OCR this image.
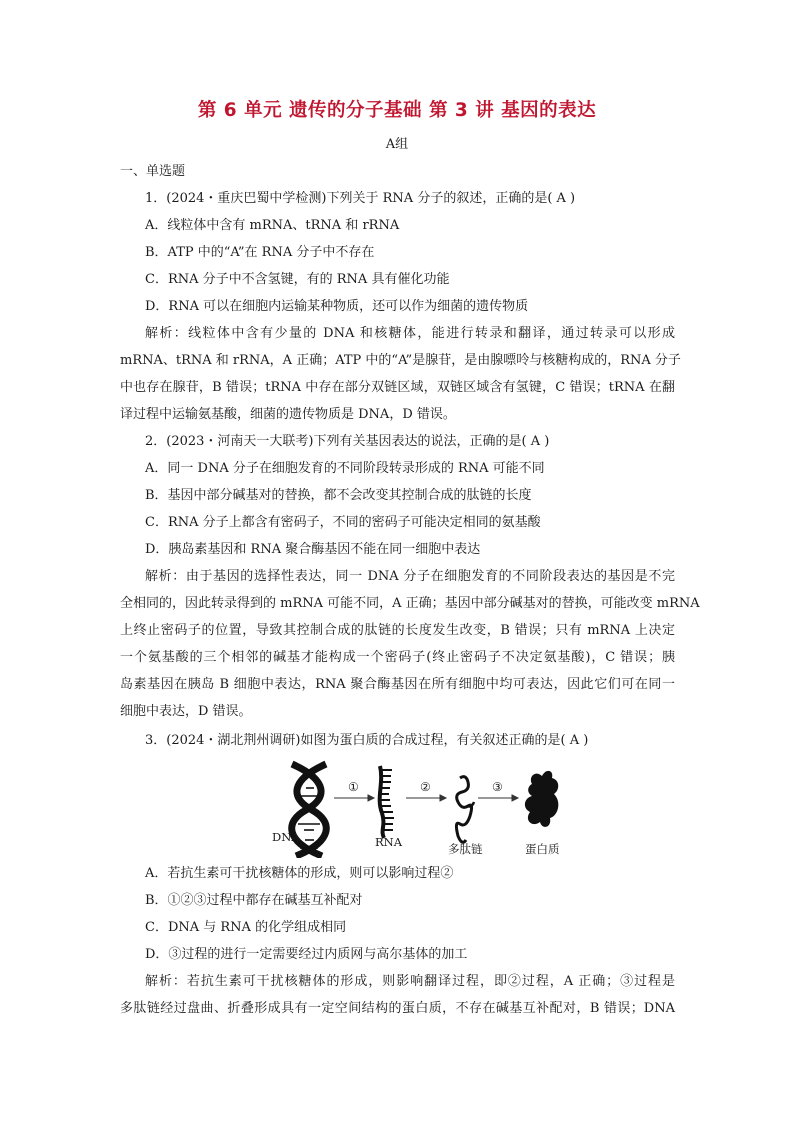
第 6 单元 遗传的分子基础 第 3 讲 基因的表达
A组
一、单选题
1．(2024・重庆巴蜀中学检测)下列关于 RNA 分子的叙述，正确的是( A )
A．线粒体中含有 mRNA、tRNA 和 rRNA
B．ATP 中的“A”在 RNA 分子中不存在
C．RNA 分子中不含氢键，有的 RNA 具有催化功能
D．RNA 可以在细胞内运输某种物质，还可以作为细菌的遗传物质
解析：线粒体中含有少量的 DNA 和核糖体，能进行转录和翻译，通过转录可以形成
mRNA、tRNA 和 rRNA，A 正确；ATP 中的“A”是腺苷，是由腺嘌呤与核糖构成的，RNA 分子
中也存在腺苷，B 错误；tRNA 中存在部分双链区域，双链区域含有氢键，C 错误；tRNA 在翻
译过程中运输氨基酸，细菌的遗传物质是 DNA，D 错误。
2．(2023・河南天一大联考)下列有关基因表达的说法，正确的是( A )
A．同一 DNA 分子在细胞发育的不同阶段转录形成的 RNA 可能不同
B．基因中部分碱基对的替换，都不会改变其控制合成的肽链的长度
C．RNA 分子上都含有密码子，不同的密码子可能决定相同的氨基酸
D．胰岛素基因和 RNA 聚合酶基因不能在同一细胞中表达
解析：由于基因的选择性表达，同一 DNA 分子在细胞发育的不同阶段表达的基因是不完
全相同的，因此转录得到的 mRNA 可能不同，A 正确；基因中部分碱基对的替换，可能改变 mRNA
上终止密码子的位置，导致其控制合成的肽链的长度发生改变，B 错误；只有 mRNA 上决定
一个氨基酸的三个相邻的碱基才能构成一个密码子(终止密码子不决定氨基酸)，C 错误；胰
岛素基因在胰岛 B 细胞中表达，RNA 聚合酶基因在所有细胞中均可表达，因此它们可在同一
细胞中表达，D 错误。
3．(2024・湖北荆州调研)如图为蛋白质的合成过程，有关叙述正确的是( A )
DNA	RNA	多肽链	蛋白质
①	②	③
A．若抗生素可干扰核糖体的形成，则可以影响过程②
B．①②③过程中都存在碱基互补配对
C．DNA 与 RNA 的化学组成相同
D．③过程的进行一定需要经过内质网与高尔基体的加工
解析：若抗生素可干扰核糖体的形成，则影响翻译过程，即②过程，A 正确；③过程是
多肽链经过盘曲、折叠形成具有一定空间结构的蛋白质，不存在碱基互补配对，B 错误；DNA
